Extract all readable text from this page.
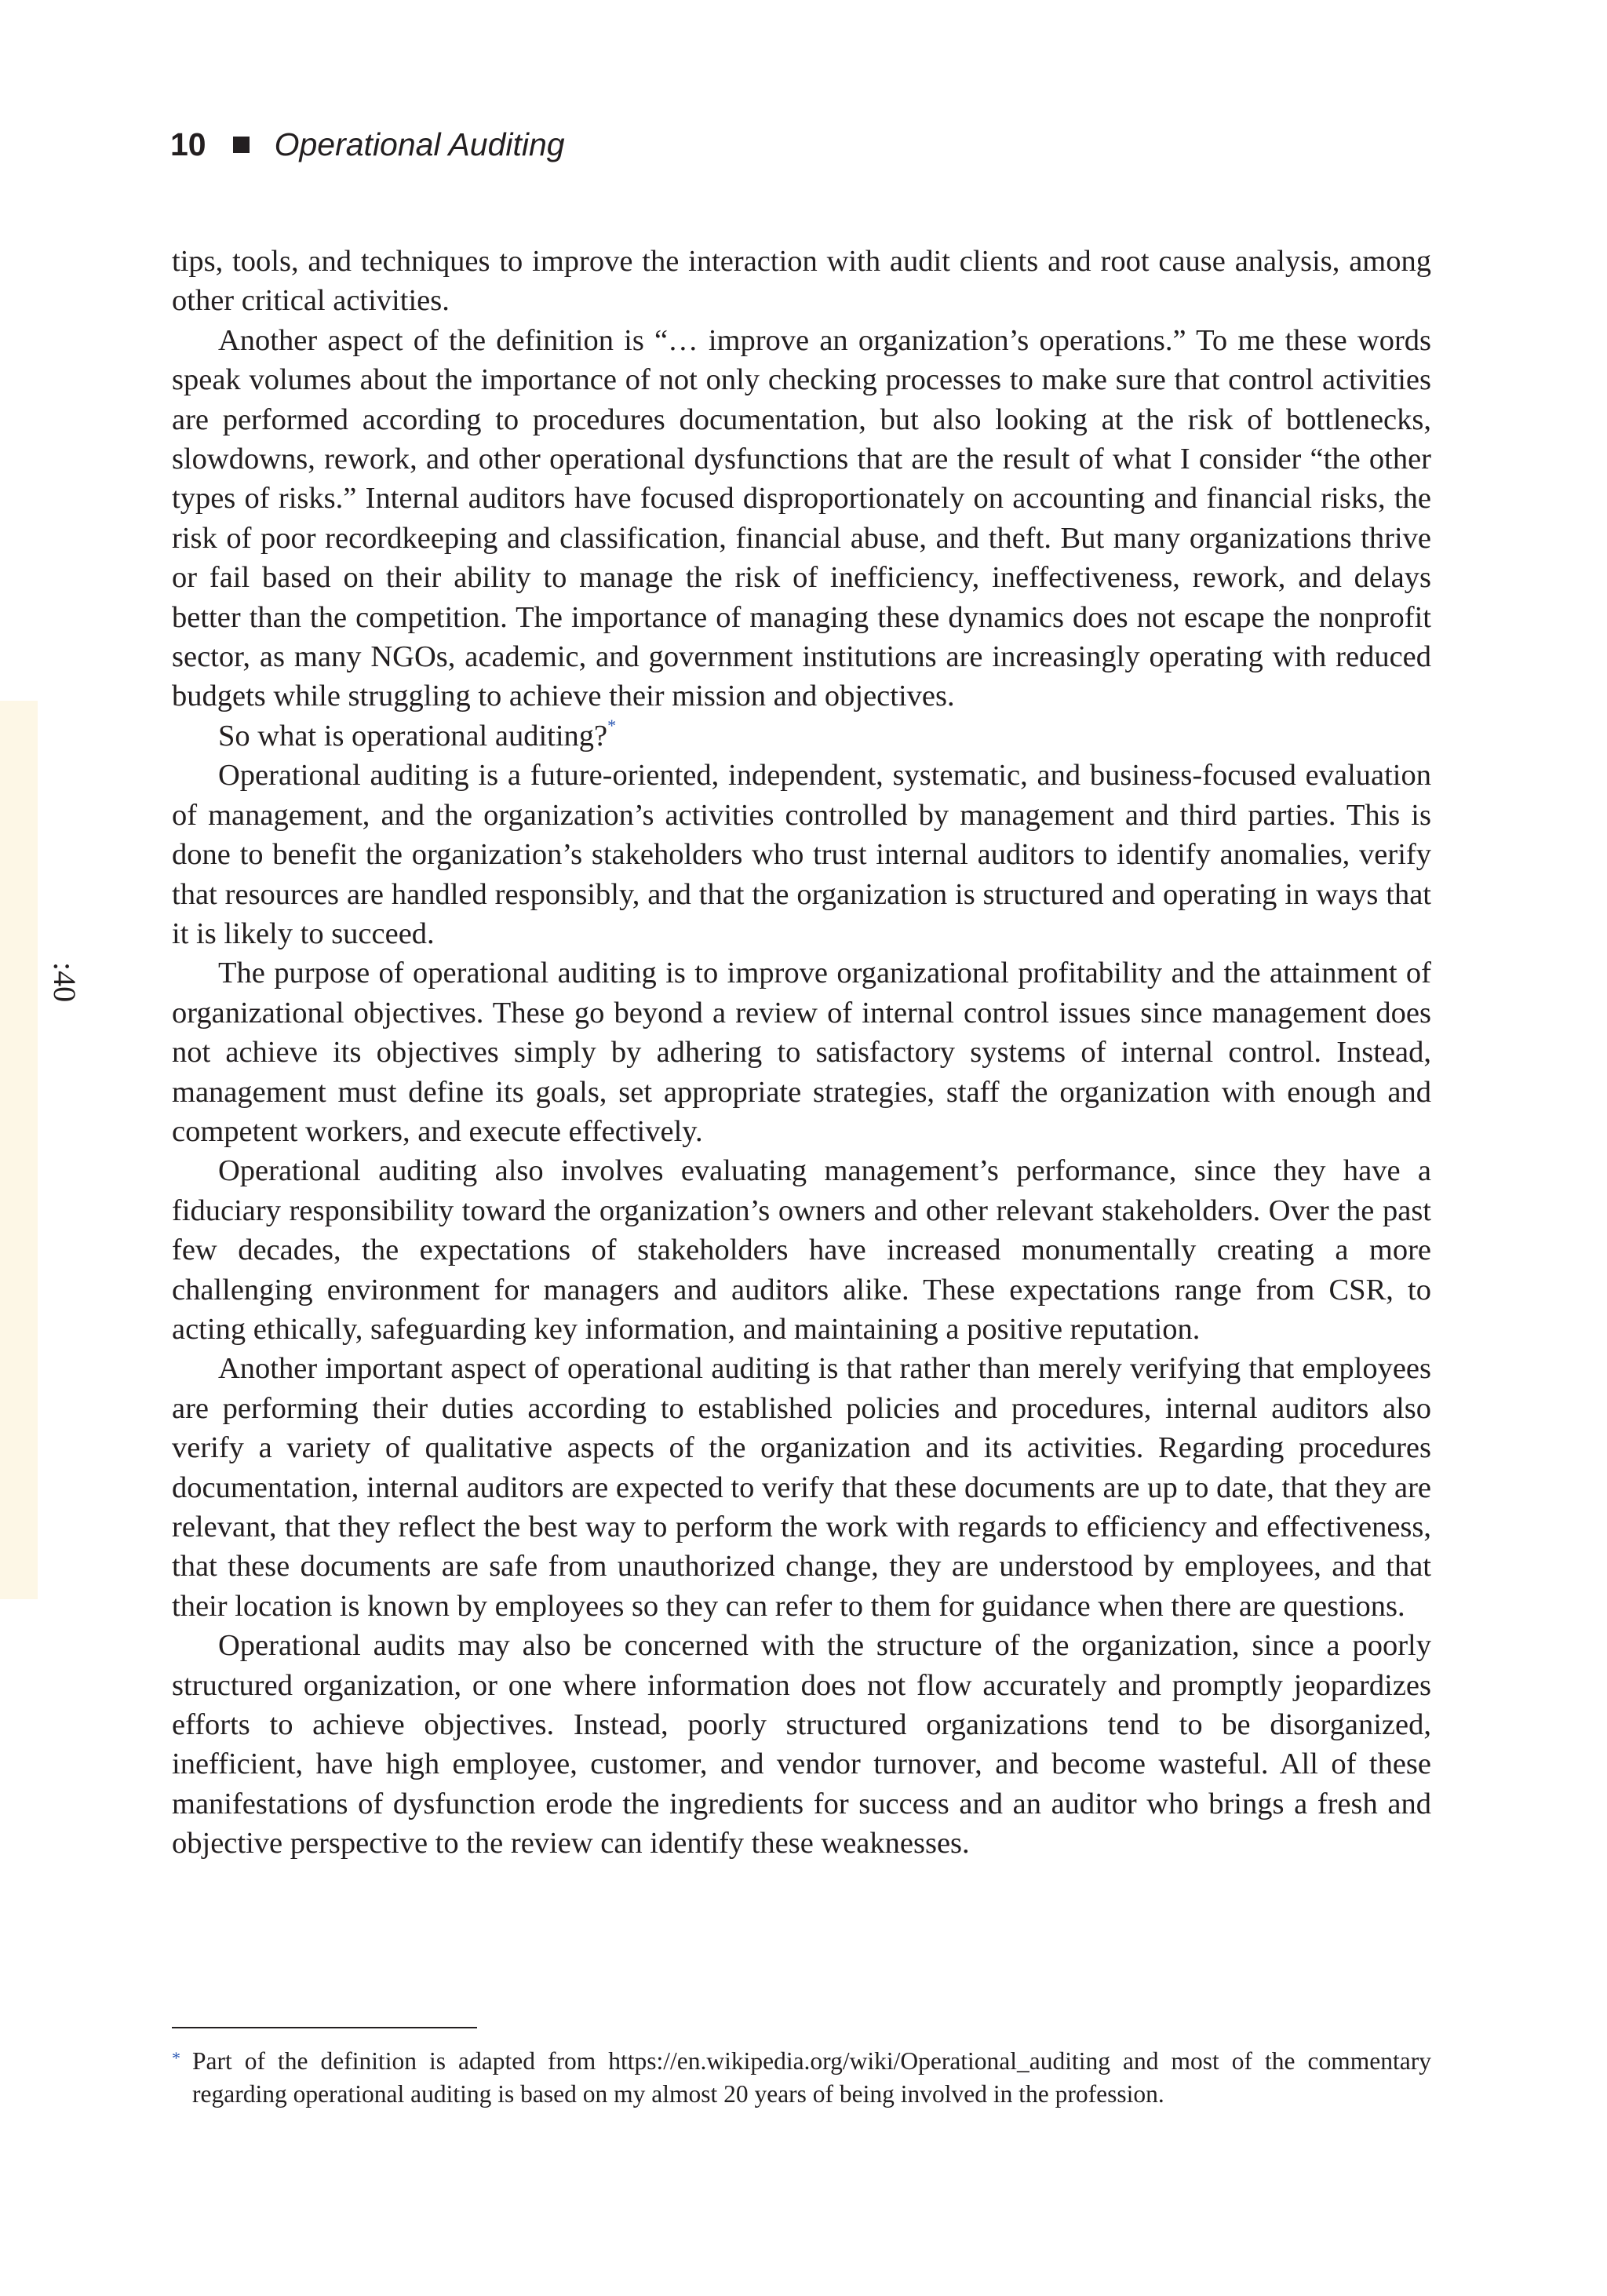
:40
10 Operational Auditing

tips, tools, and techniques to improve the interaction with audit clients and root cause analysis, among other critical activities.

Another aspect of the definition is “… improve an organization’s operations.” To me these words speak volumes about the importance of not only checking processes to make sure that control activities are performed according to procedures documentation, but also looking at the risk of bottlenecks, slowdowns, rework, and other operational dysfunctions that are the result of what I consider “the other types of risks.” Internal auditors have focused disproportionately on accounting and financial risks, the risk of poor recordkeeping and classification, financial abuse, and theft. But many organizations thrive or fail based on their ability to manage the risk of inefficiency, ineffectiveness, rework, and delays better than the competition. The importance of managing these dynamics does not escape the nonprofit sector, as many NGOs, academic, and government institutions are increasingly operating with reduced budgets while struggling to achieve their mission and objectives.

So what is operational auditing?*

Operational auditing is a future-oriented, independent, systematic, and business-focused evaluation of management, and the organization’s activities controlled by management and third parties. This is done to benefit the organization’s stakeholders who trust internal auditors to identify anomalies, verify that resources are handled responsibly, and that the organization is structured and operating in ways that it is likely to succeed.

The purpose of operational auditing is to improve organizational profitability and the attainment of organizational objectives. These go beyond a review of internal control issues since management does not achieve its objectives simply by adhering to satisfactory systems of internal control. Instead, management must define its goals, set appropriate strategies, staff the organization with enough and competent workers, and execute effectively.

Operational auditing also involves evaluating management’s performance, since they have a fiduciary responsibility toward the organization’s owners and other relevant stakeholders. Over the past few decades, the expectations of stakeholders have increased monumentally creating a more challenging environment for managers and auditors alike. These expectations range from CSR, to acting ethically, safeguarding key information, and maintaining a positive reputation.

Another important aspect of operational auditing is that rather than merely verifying that employees are performing their duties according to established policies and procedures, internal auditors also verify a variety of qualitative aspects of the organization and its activities. Regarding procedures documentation, internal auditors are expected to verify that these documents are up to date, that they are relevant, that they reflect the best way to perform the work with regards to efficiency and effectiveness, that these documents are safe from unauthorized change, they are understood by employees, and that their location is known by employees so they can refer to them for guidance when there are questions.

Operational audits may also be concerned with the structure of the organization, since a poorly structured organization, or one where information does not flow accurately and promptly jeopardizes efforts to achieve objectives. Instead, poorly structured organizations tend to be disorganized, inefficient, have high employee, customer, and vendor turnover, and become wasteful. All of these manifestations of dysfunction erode the ingredients for success and an auditor who brings a fresh and objective perspective to the review can identify these weaknesses.

* Part of the definition is adapted from https://en.wikipedia.org/wiki/Operational_auditing and most of the commentary regarding operational auditing is based on my almost 20 years of being involved in the profession.
